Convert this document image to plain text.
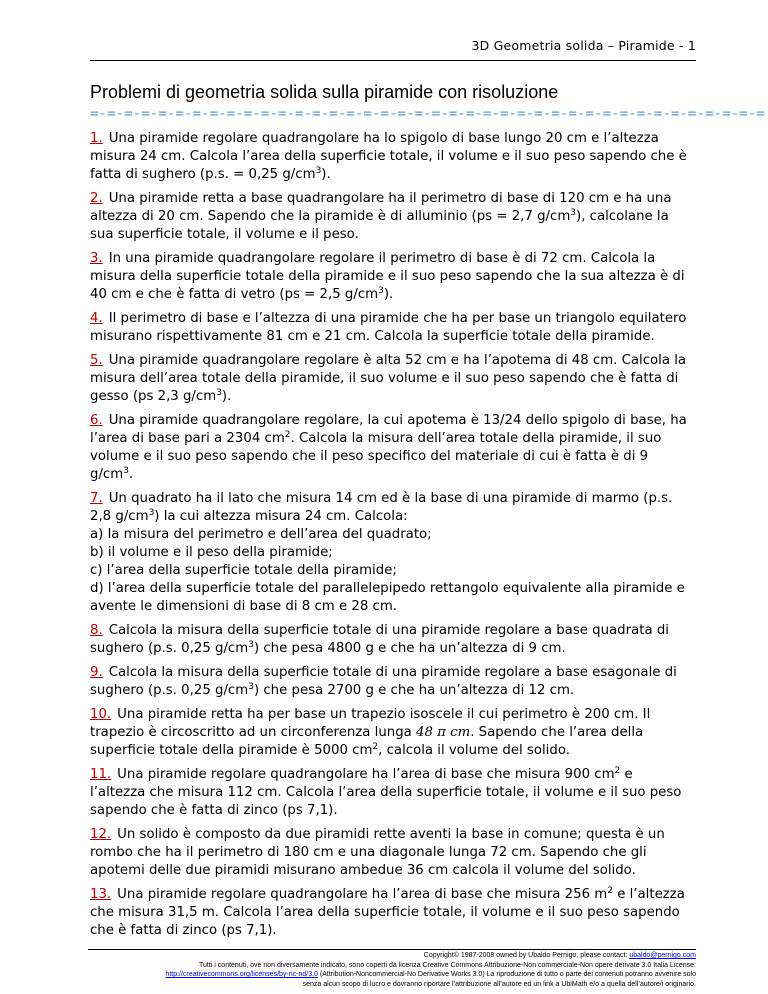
3D Geometria solida – Piramide - 1
Problemi di geometria solida sulla piramide con risoluzione
=-=-=-=-=-=-=-=-=-=-=-=-=-=-=-=-=-=-=-=-=-=-=-=-=-=-=-=-=-=-=-=-=-=-=-=-=-=-=-=
1. Una piramide regolare quadrangolare ha lo spigolo di base lungo 20 cm e l’altezza misura 24 cm. Calcola l’area della superficie totale, il volume e il suo peso sapendo che è fatta di sughero (p.s. = 0,25 $g/cm^3$).
2. Una piramide retta a base quadrangolare ha il perimetro di base di 120 cm e ha una altezza di 20 cm. Sapendo che la piramide è di alluminio (ps = 2,7 $g/cm^3$), calcolane la sua superficie totale, il volume e il peso.
3. In una piramide quadrangolare regolare il perimetro di base è di 72 cm. Calcola la misura della superficie totale della piramide e il suo peso sapendo che la sua altezza è di 40 cm e che è fatta di vetro (ps = 2,5 $g/cm^3$).
4. Il perimetro di base e l’altezza di una piramide che ha per base un triangolo equilatero misurano rispettivamente 81 cm e 21 cm. Calcola la superficie totale della piramide.
5. Una piramide quadrangolare regolare è alta 52 cm e ha l’apotema di 48 cm. Calcola la misura dell’area totale della piramide, il suo volume e il suo peso sapendo che è fatta di gesso (ps 2,3 $g/cm^3$).
6. Una piramide quadrangolare regolare, la cui apotema è 13/24 dello spigolo di base, ha l’area di base pari a 2304 $cm^2$. Calcola la misura dell’area totale della piramide, il suo volume e il suo peso sapendo che il peso specifico del materiale di cui è fatta è di 9 $g/cm^3$.
7. Un quadrato ha il lato che misura 14 cm ed è la base di una piramide di marmo (p.s. 2,8 $g/cm^3$) la cui altezza misura 24 cm. Calcola:
a) la misura del perimetro e dell’area del quadrato;
b) il volume e il peso della piramide;
c) l’area della superficie totale della piramide;
d) l’area della superficie totale del parallelepipedo rettangolo equivalente alla piramide e avente le dimensioni di base di 8 cm e 28 cm.
8. Calcola la misura della superficie totale di una piramide regolare a base quadrata di sughero (p.s. 0,25 $g/cm^3$) che pesa 4800 g e che ha un’altezza di 9 cm.
9. Calcola la misura della superficie totale di una piramide regolare a base esagonale di sughero (p.s. 0,25 $g/cm^3$) che pesa 2700 g e che ha un’altezza di 12 cm.
10. Una piramide retta ha per base un trapezio isoscele il cui perimetro è 200 cm. Il trapezio è circoscritto ad un circonferenza lunga 48 π cm. Sapendo che l’area della superficie totale della piramide è 5000 $cm^2$, calcola il volume del solido.
11. Una piramide regolare quadrangolare ha l’area di base che misura 900 $cm^2$ e l’altezza che misura 112 cm. Calcola l’area della superficie totale, il volume e il suo peso sapendo che è fatta di zinco (ps 7,1).
12. Un solido è composto da due piramidi rette aventi la base in comune; questa è un rombo che ha il perimetro di 180 cm e una diagonale lunga 72 cm. Sapendo che gli apotemi delle due piramidi misurano ambedue 36 cm calcola il volume del solido.
13. Una piramide regolare quadrangolare ha l’area di base che misura 256 $m^2$ e l’altezza che misura 31,5 m. Calcola l’area della superficie totale, il volume e il suo peso sapendo che è fatta di zinco (ps 7,1).
Copyright© 1987-2008 owned by Ubaldo Pernigo, please contact: ubaldo@pernigo.com
Tutti i contenuti, ove non diversamente indicato, sono coperti da licenza Creative Commons Attribuzione-Non commerciale-Non opere derivate 3.0 Italia License:
http://creativecommons.org/licenses/by-nc-nd/3.0 (Attribution-Noncommercial-No Derivative Works 3.0) La riproduzione di tutto o parte dei contenuti potranno avvenire solo
senza alcun scopo di lucro e dovranno riportare l’attribuzione all’autore ed un link a UbiMath e/o a quella dell’autore/i originario.
